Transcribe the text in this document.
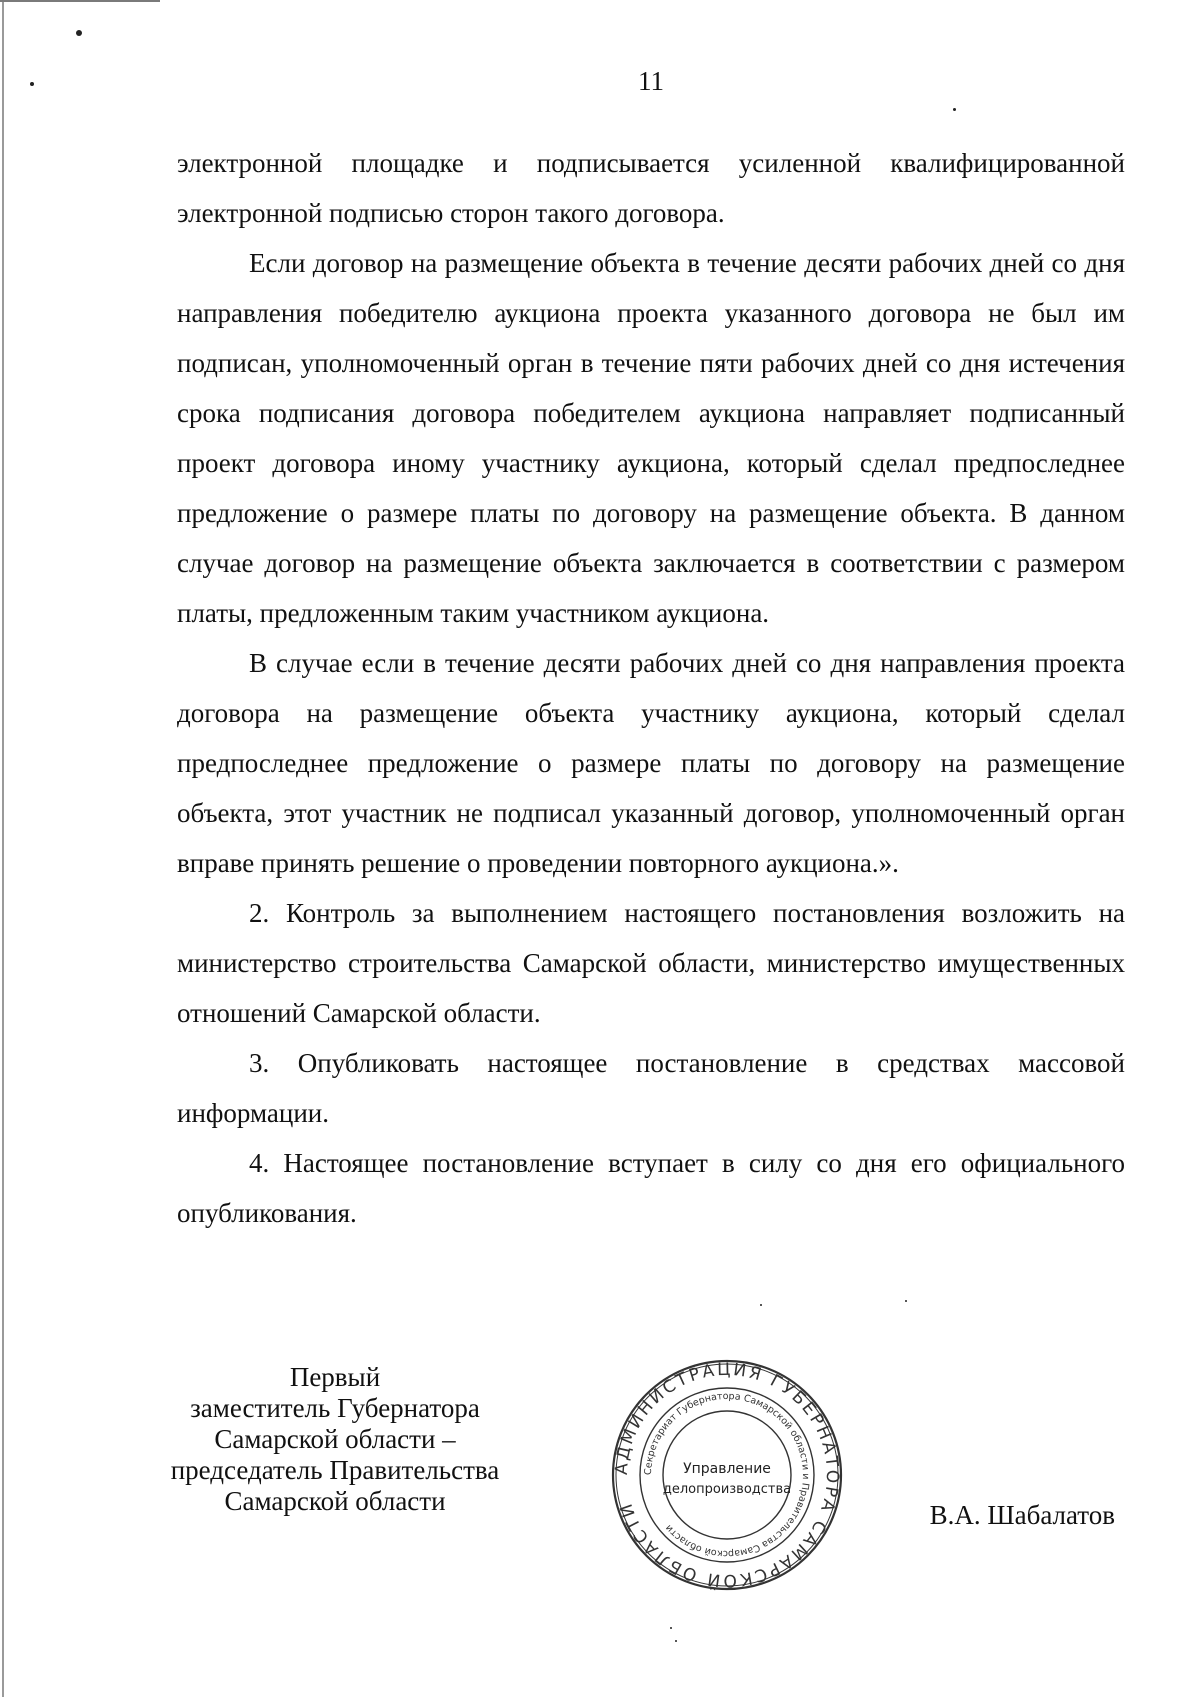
11

электронной площадке и подписывается усиленной квалифицированной электронной подписью сторон такого договора.

Если договор на размещение объекта в течение десяти рабочих дней со дня направления победителю аукциона проекта указанного договора не был им подписан, уполномоченный орган в течение пяти рабочих дней со дня истечения срока подписания договора победителем аукциона направляет подписанный проект договора иному участнику аукциона, который сделал предпоследнее предложение о размере платы по договору на размещение объекта. В данном случае договор на размещение объекта заключается в соответствии с размером платы, предложенным таким участником аукциона.

В случае если в течение десяти рабочих дней со дня направления проекта договора на размещение объекта участнику аукциона, который сделал предпоследнее предложение о размере платы по договору на размещение объекта, этот участник не подписал указанный договор, уполномоченный орган вправе принять решение о проведении повторного аукциона.».

2. Контроль за выполнением настоящего постановления возложить на министерство строительства Самарской области, министерство имущественных отношений Самарской области.

3. Опубликовать настоящее постановление в средствах массовой информации.

4. Настоящее постановление вступает в силу со дня его официального опубликования.

Первый
заместитель Губернатора
Самарской области –
председатель Правительства
Самарской области
АДМИНИСТРАЦИЯ ГУБЕРНАТОРА САМАРСКОЙ ОБЛАСТИ
Секретариат Губернатора Самарской области и Правительства Самарской области
Управление
делопроизводства
В.А. Шабалатов
